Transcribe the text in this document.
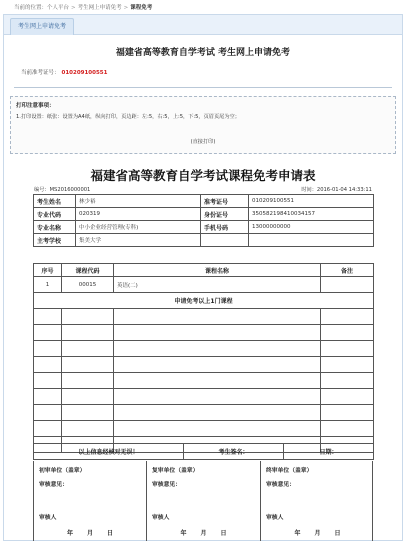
当前的位置：个人平台 > 考生网上申请免考 > 课程免考
考生网上申请免考
福建省高等教育自学考试 考生网上申请免考
当前准考证号： 010209100551
打印注意事项：
1.打印设置：纸张：设置为A4纸，纵向打印，页边距：左:5，右:5，上:5，下:5，页眉页尾为空；
(直接打印)
福建省高等教育自学考试课程免考申请表
编号：MS2016000001	时间：2016-01-04 14:33:11
考生姓名	林少裕	准考证号	010209100551
专业代码	020319	身份证号	350582198410034157
专业名称	中小企业经营管理(专科)	手机号码	13000000000
主考学校	集美大学		
序号	课程代码	课程名称	备注
1	00015	英语(二)	
申请免考以上1门课程			

以上信息经核对无误！	考生签名：	日期：
初审单位（盖章）
审核意见：
审核人
年 月 日
复审单位（盖章）
审核意见：
审核人
年 月 日
终审单位（盖章）
审核意见：
审核人
年 月 日
